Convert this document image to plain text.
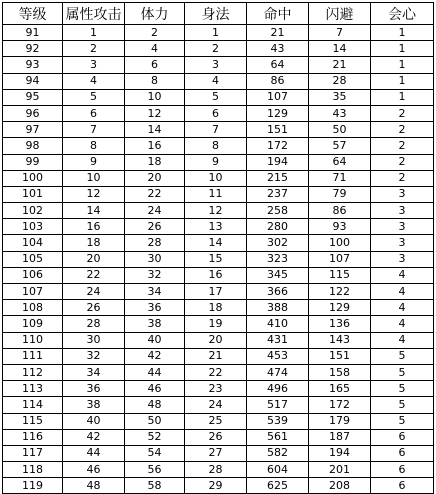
等级	属性攻击	体力	身法	命中	闪避	会心
91	1	2	1	21	7	1
92	2	4	2	43	14	1
93	3	6	3	64	21	1
94	4	8	4	86	28	1
95	5	10	5	107	35	1
96	6	12	6	129	43	2
97	7	14	7	151	50	2
98	8	16	8	172	57	2
99	9	18	9	194	64	2
100	10	20	10	215	71	2
101	12	22	11	237	79	3
102	14	24	12	258	86	3
103	16	26	13	280	93	3
104	18	28	14	302	100	3
105	20	30	15	323	107	3
106	22	32	16	345	115	4
107	24	34	17	366	122	4
108	26	36	18	388	129	4
109	28	38	19	410	136	4
110	30	40	20	431	143	4
111	32	42	21	453	151	5
112	34	44	22	474	158	5
113	36	46	23	496	165	5
114	38	48	24	517	172	5
115	40	50	25	539	179	5
116	42	52	26	561	187	6
117	44	54	27	582	194	6
118	46	56	28	604	201	6
119	48	58	29	625	208	6
